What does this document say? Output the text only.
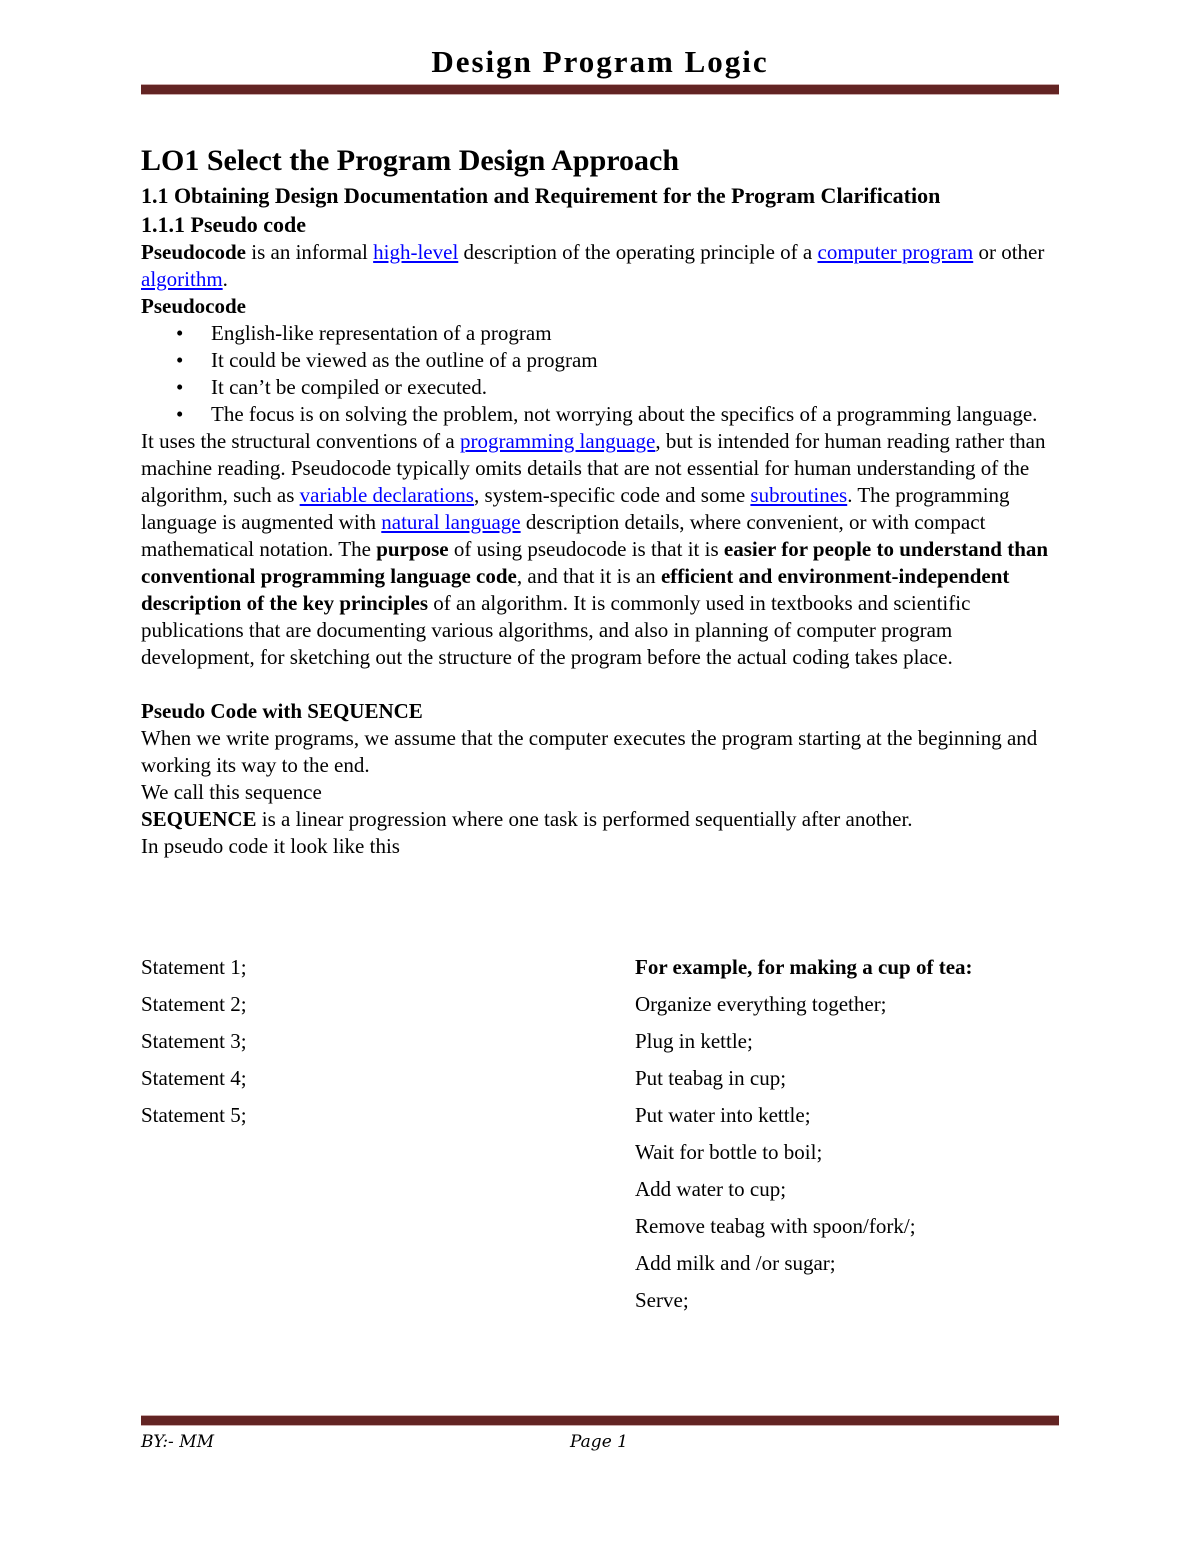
Design Program Logic
LO1 Select the Program Design Approach
1.1 Obtaining Design Documentation and Requirement for the Program Clarification
1.1.1 Pseudo code

Pseudocode is an informal high-level description of the operating principle of a computer program or other algorithm.

Pseudocode

• English-like representation of a program
• It could be viewed as the outline of a program
• It can’t be compiled or executed.
• The focus is on solving the problem, not worrying about the specifics of a programming language.

It uses the structural conventions of a programming language, but is intended for human reading rather than machine reading. Pseudocode typically omits details that are not essential for human understanding of the algorithm, such as variable declarations, system-specific code and some subroutines. The programming language is augmented with natural language description details, where convenient, or with compact mathematical notation. The purpose of using pseudocode is that it is easier for people to understand than conventional programming language code, and that it is an efficient and environment-independent description of the key principles of an algorithm. It is commonly used in textbooks and scientific publications that are documenting various algorithms, and also in planning of computer program development, for sketching out the structure of the program before the actual coding takes place.

Pseudo Code with SEQUENCE

When we write programs, we assume that the computer executes the program starting at the beginning and working its way to the end.

We call this sequence

SEQUENCE is a linear progression where one task is performed sequentially after another.

In pseudo code it look like this

Statement 1;
Statement 2;
Statement 3;
Statement 4;
Statement 5;
For example, for making a cup of tea:
Organize everything together;
Plug in kettle;
Put teabag in cup;
Put water into kettle;
Wait for bottle to boil;
Add water to cup;
Remove teabag with spoon/fork/;
Add milk and /or sugar;
Serve;
BY:- MM	Page 1
